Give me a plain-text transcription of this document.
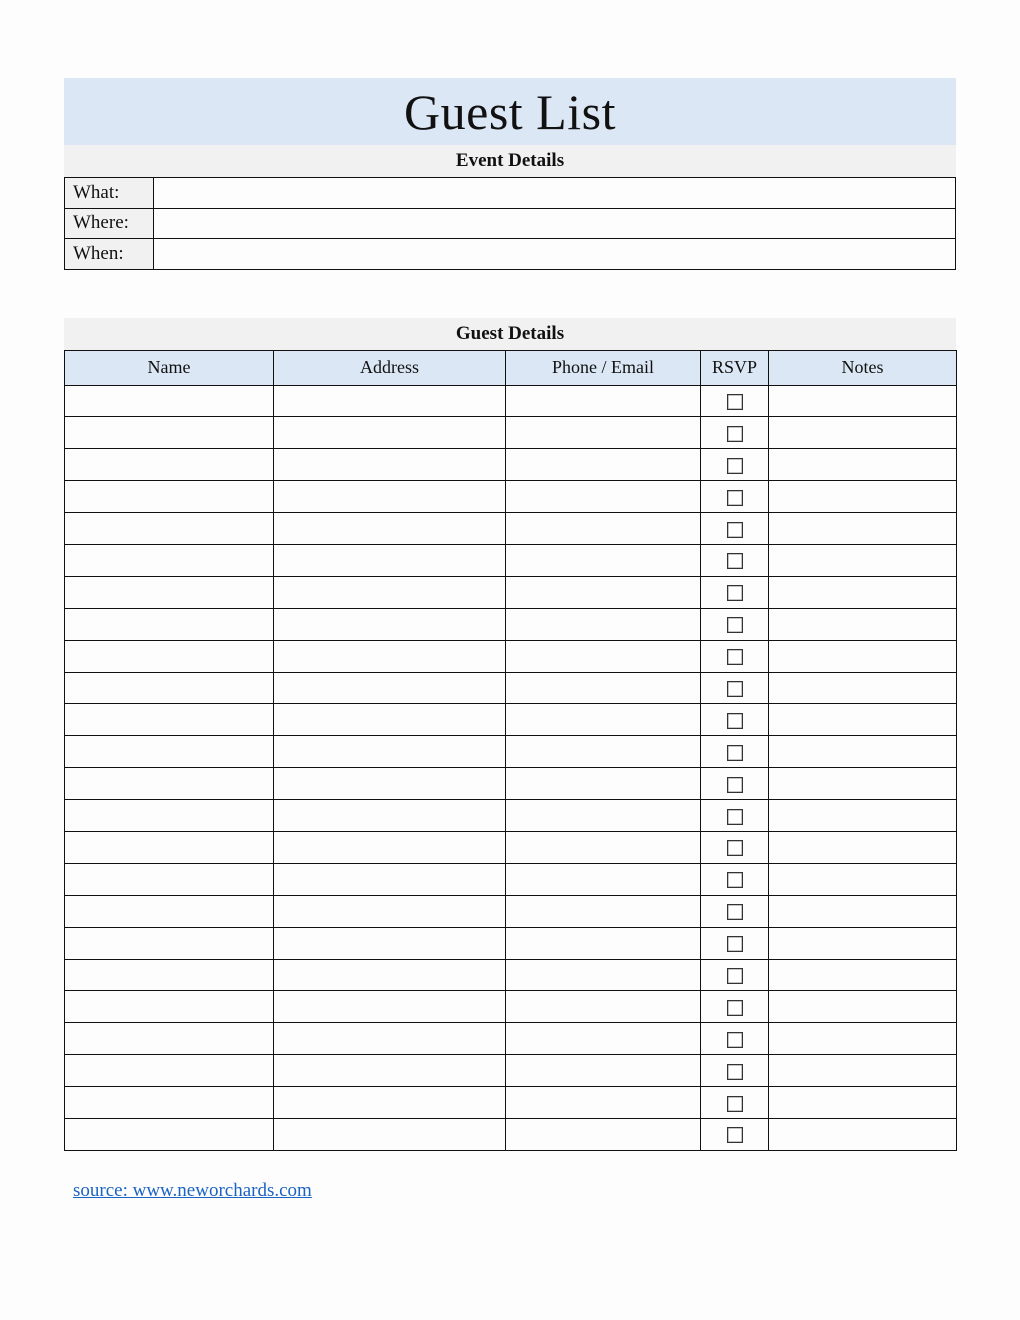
Guest List
Event Details
What:	
Where:	
When:	
Guest Details
Name	Address	Phone / Email	RSVP	Notes

source: www.neworchards.com
